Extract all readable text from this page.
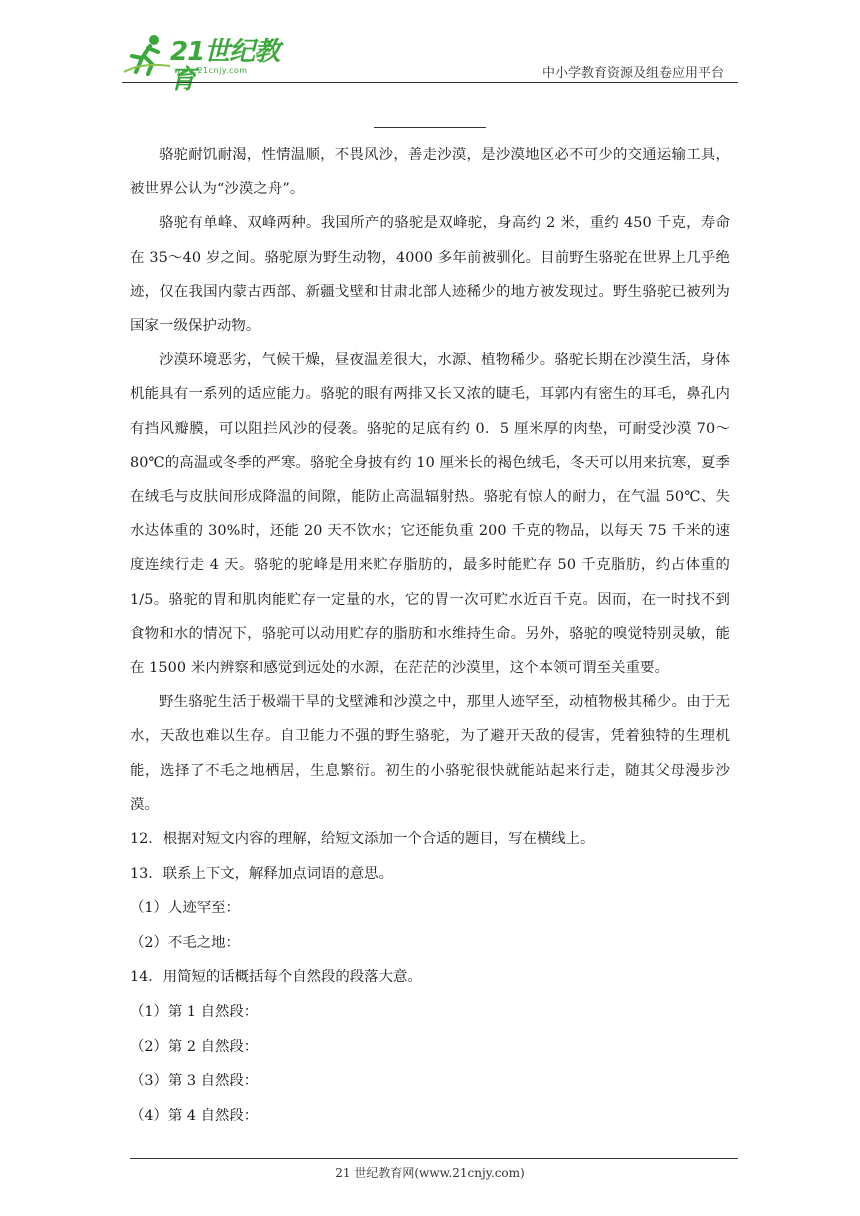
21世纪教育
www.21cnjy.com	中小学教育资源及组卷应用平台

骆驼耐饥耐渴，性情温顺，不畏风沙，善走沙漠，是沙漠地区必不可少的交通运输工具，被世界公认为“沙漠之舟”。

骆驼有单峰、双峰两种。我国所产的骆驼是双峰驼，身高约 2 米，重约 450 千克，寿命在 35～40 岁之间。骆驼原为野生动物，4000 多年前被驯化。目前野生骆驼在世界上几乎绝迹，仅在我国内蒙古西部、新疆戈壁和甘肃北部人迹稀少的地方被发现过。野生骆驼已被列为国家一级保护动物。

沙漠环境恶劣，气候干燥，昼夜温差很大，水源、植物稀少。骆驼长期在沙漠生活，身体机能具有一系列的适应能力。骆驼的眼有两排又长又浓的睫毛，耳郭内有密生的耳毛，鼻孔内有挡风瓣膜，可以阻拦风沙的侵袭。骆驼的足底有约 0．5 厘米厚的肉垫，可耐受沙漠 70～80℃的高温或冬季的严寒。骆驼全身披有约 10 厘米长的褐色绒毛，冬天可以用来抗寒，夏季在绒毛与皮肤间形成降温的间隙，能防止高温辐射热。骆驼有惊人的耐力，在气温 50℃、失水达体重的 30%时，还能 20 天不饮水；它还能负重 200 千克的物品，以每天 75 千米的速度连续行走 4 天。骆驼的驼峰是用来贮存脂肪的，最多时能贮存 50 千克脂肪，约占体重的 1/5。骆驼的胃和肌肉能贮存一定量的水，它的胃一次可贮水近百千克。因而，在一时找不到食物和水的情况下，骆驼可以动用贮存的脂肪和水维持生命。另外，骆驼的嗅觉特别灵敏，能在 1500 米内辨察和感觉到远处的水源，在茫茫的沙漠里，这个本领可谓至关重要。

野生骆驼生活于极端干旱的戈壁滩和沙漠之中，那里人迹罕至，动植物极其稀少。由于无水，天敌也难以生存。自卫能力不强的野生骆驼，为了避开天敌的侵害，凭着独特的生理机能，选择了不毛之地栖居，生息繁衍。初生的小骆驼很快就能站起来行走，随其父母漫步沙漠。

12．根据对短文内容的理解，给短文添加一个合适的题目，写在横线上。

13．联系上下文，解释加点词语的意思。

（1）人迹罕至：

（2）不毛之地：

14．用简短的话概括每个自然段的段落大意。

（1）第 1 自然段：

（2）第 2 自然段：

（3）第 3 自然段：

（4）第 4 自然段：

21 世纪教育网(www.21cnjy.com)
